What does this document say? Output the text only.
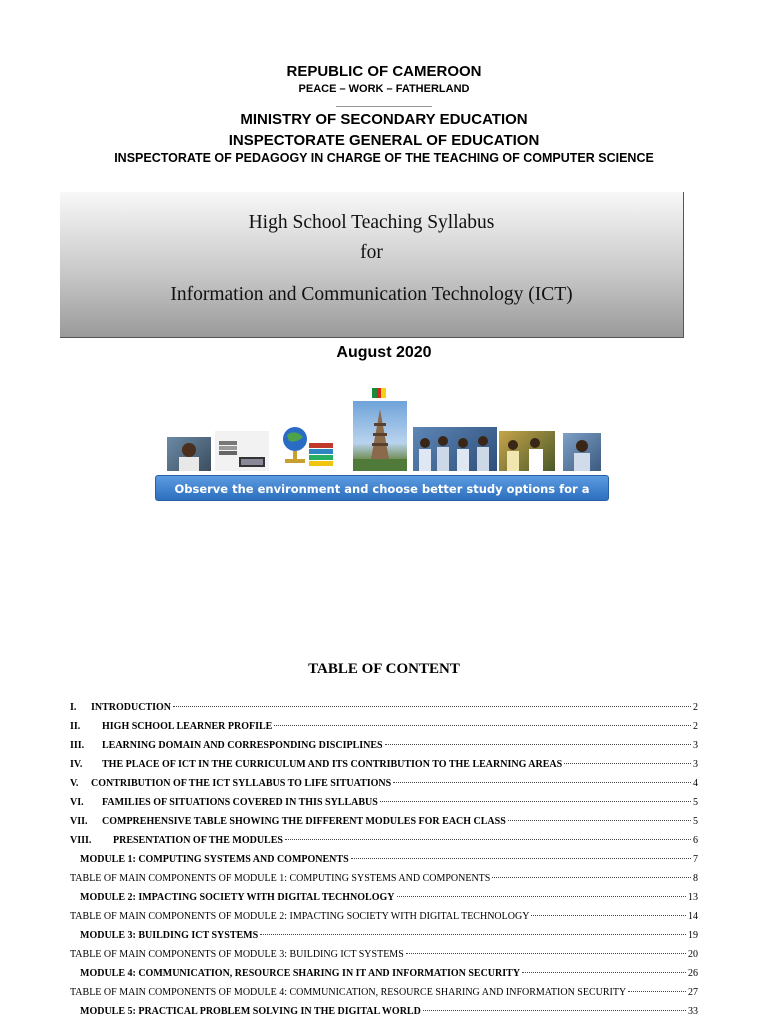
REPUBLIC OF CAMEROON
PEACE – WORK – FATHERLAND
MINISTRY OF SECONDARY EDUCATION
INSPECTORATE GENERAL OF EDUCATION
INSPECTORATE OF PEDAGOGY IN CHARGE OF THE TEACHING OF COMPUTER SCIENCE
High School Teaching Syllabus
for
Information and Communication Technology (ICT)
August 2020
Observe the environment and choose better study options for a fulfilling life
TABLE OF CONTENT
I.	INTRODUCTION	2
II.	HIGH SCHOOL LEARNER PROFILE	2
III.	LEARNING DOMAIN AND CORRESPONDING DISCIPLINES	3
IV.	THE PLACE OF ICT IN THE CURRICULUM AND ITS CONTRIBUTION TO THE LEARNING AREAS	3
V.	CONTRIBUTION OF THE ICT SYLLABUS TO LIFE SITUATIONS	4
VI.	FAMILIES OF SITUATIONS COVERED IN THIS SYLLABUS	5
VII.	COMPREHENSIVE TABLE SHOWING THE DIFFERENT MODULES FOR EACH CLASS	5
VIII.	PRESENTATION OF THE MODULES	6
MODULE 1: COMPUTING SYSTEMS AND COMPONENTS	7
TABLE OF MAIN COMPONENTS OF MODULE 1: COMPUTING SYSTEMS AND COMPONENTS	8
MODULE 2: IMPACTING SOCIETY WITH DIGITAL TECHNOLOGY	13
TABLE OF MAIN COMPONENTS OF MODULE 2: IMPACTING SOCIETY WITH DIGITAL TECHNOLOGY	14
MODULE 3: BUILDING ICT SYSTEMS	19
TABLE OF MAIN COMPONENTS OF MODULE 3: BUILDING ICT SYSTEMS	20
MODULE 4: COMMUNICATION, RESOURCE SHARING IN IT AND INFORMATION SECURITY	26
TABLE OF MAIN COMPONENTS OF MODULE 4: COMMUNICATION, RESOURCE SHARING AND INFORMATION SECURITY	27
MODULE 5: PRACTICAL PROBLEM SOLVING IN THE DIGITAL WORLD	33
